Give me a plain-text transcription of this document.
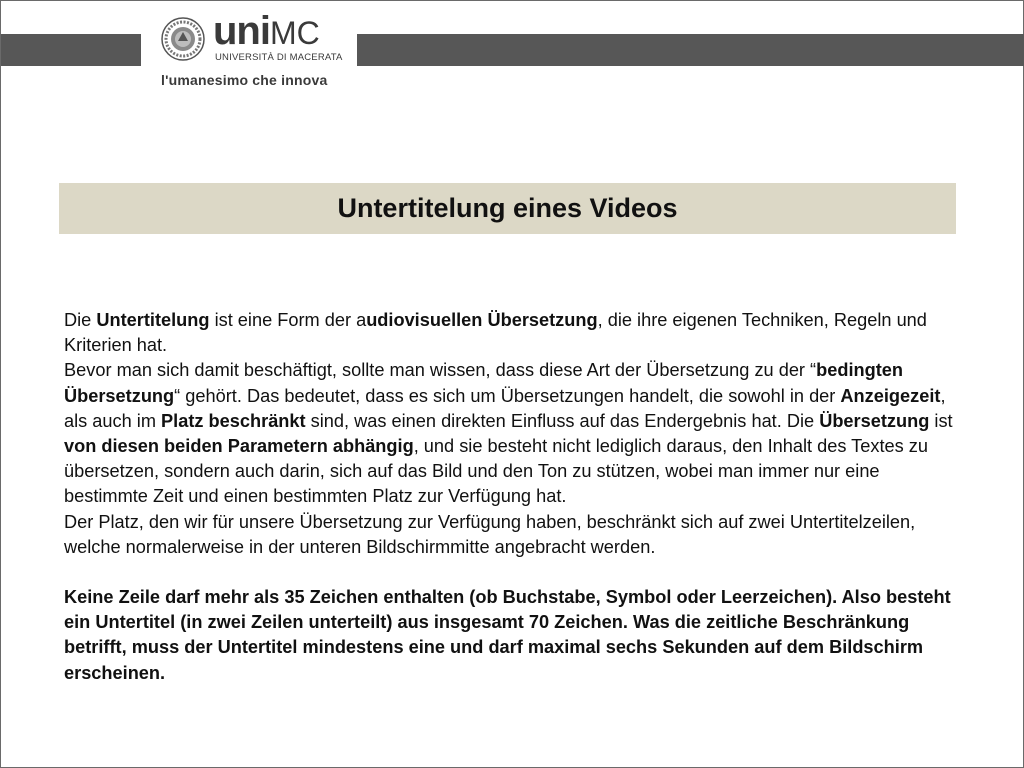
uniMC
UNIVERSITÀ DI MACERATA
l'umanesimo che innova
Untertitelung eines Videos

Die Untertitelung ist eine Form der audiovisuellen Übersetzung, die ihre eigenen Techniken, Regeln und Kriterien hat.

Bevor man sich damit beschäftigt, sollte man wissen, dass diese Art der Übersetzung zu der “bedingten Übersetzung“ gehört. Das bedeutet, dass es sich um Übersetzungen handelt, die sowohl in der Anzeigezeit, als auch im Platz beschränkt sind, was einen direkten Einfluss auf das Endergebnis hat. Die Übersetzung ist von diesen beiden Parametern abhängig, und sie besteht nicht lediglich daraus, den Inhalt des Textes zu übersetzen, sondern auch darin, sich auf das Bild und den Ton zu stützen, wobei man immer nur eine bestimmte Zeit und einen bestimmten Platz zur Verfügung hat.

Der Platz, den wir für unsere Übersetzung zur Verfügung haben, beschränkt sich auf zwei Untertitelzeilen, welche normalerweise in der unteren Bildschirmmitte angebracht werden.

Keine Zeile darf mehr als 35 Zeichen enthalten (ob Buchstabe, Symbol oder Leerzeichen). Also besteht ein Untertitel (in zwei Zeilen unterteilt) aus insgesamt 70 Zeichen. Was die zeitliche Beschränkung betrifft, muss der Untertitel mindestens eine und darf maximal sechs Sekunden auf dem Bildschirm erscheinen.
